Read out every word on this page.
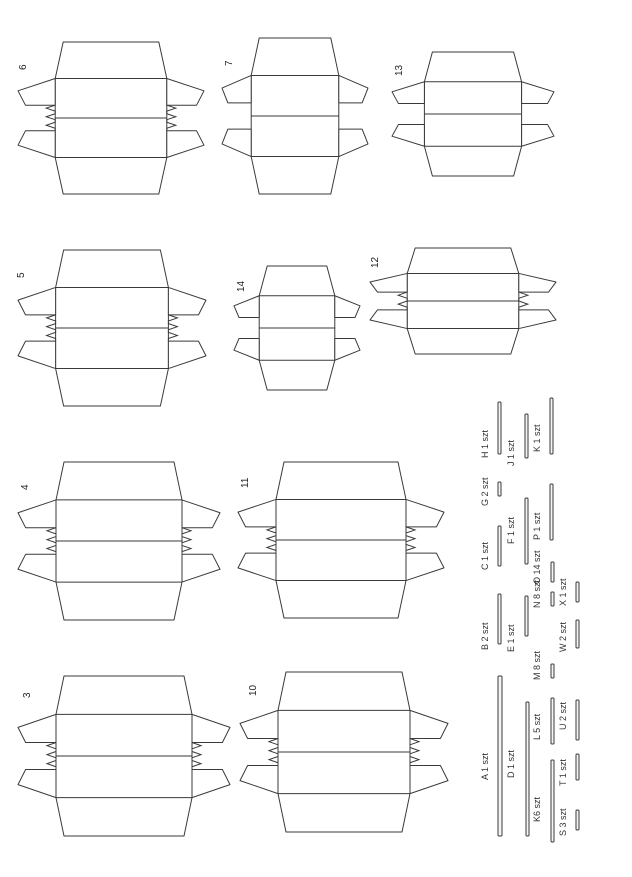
3
4
5
6
7
10
11
12
13
14
A 1 szt
B 2 szt
C 1 szt
D 1 szt
E 1 szt
F 1 szt
G 2 szt
H 1 szt J 1 szt
K 1 szt
K6 szt
L 5 szt
M 8 szt
N 8 szt
O 14 szt
P 1 szt
S 3 szt
T 1 szt
U 2 szt
W 2 szt
X 1 szt
